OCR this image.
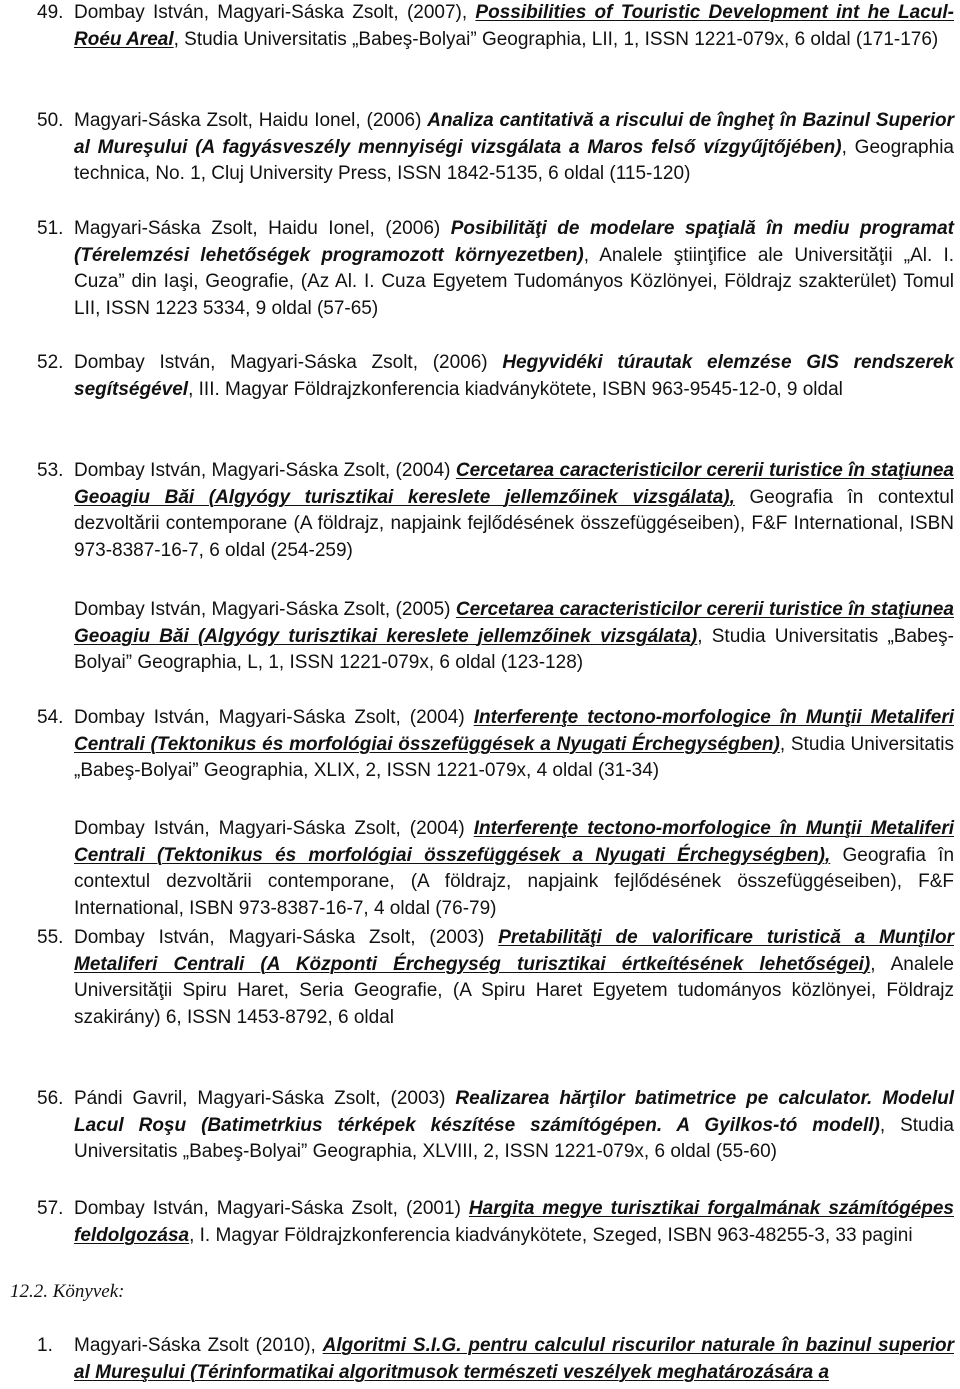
49. Dombay István, Magyari-Sáska Zsolt, (2007), Possibilities of Touristic Development int he Lacul-Roéu Areal, Studia Universitatis „Babeş-Bolyai” Geographia, LII, 1, ISSN 1221-079x, 6 oldal (171-176)
50. Magyari-Sáska Zsolt, Haidu Ionel, (2006) Analiza cantitativă a riscului de îngheţ în Bazinul Superior al Mureşului (A fagyásveszély mennyiségi vizsgálata a Maros felső vízgyűjtőjében), Geographia technica, No. 1, Cluj University Press, ISSN 1842-5135, 6 oldal (115-120)
51. Magyari-Sáska Zsolt, Haidu Ionel, (2006) Posibilităţi de modelare spaţială în mediu programat (Térelemzési lehetőségek programozott környezetben), Analele ştiinţifice ale Universităţii „Al. I. Cuza” din Iaşi, Geografie, (Az Al. I. Cuza Egyetem Tudományos Közlönyei, Földrajz szakterület) Tomul LII, ISSN 1223 5334, 9 oldal (57-65)
52. Dombay István, Magyari-Sáska Zsolt, (2006) Hegyvidéki túrautak elemzése GIS rendszerek segítségével, III. Magyar Földrajzkonferencia kiadványkötete, ISBN 963-9545-12-0, 9 oldal
53. Dombay István, Magyari-Sáska Zsolt, (2004) Cercetarea caracteristicilor cererii turistice în staţiunea Geoagiu Băi (Algyógy turisztikai kereslete jellemzőinek vizsgálata), Geografia în contextul dezvoltării contemporane (A földrajz, napjaink fejlődésének összefüggéseiben), F&F International, ISBN 973-8387-16-7, 6 oldal (254-259)
Dombay István, Magyari-Sáska Zsolt, (2005) Cercetarea caracteristicilor cererii turistice în staţiunea Geoagiu Băi (Algyógy turisztikai kereslete jellemzőinek vizsgálata), Studia Universitatis „Babeş-Bolyai” Geographia, L, 1, ISSN 1221-079x, 6 oldal (123-128)
54. Dombay István, Magyari-Sáska Zsolt, (2004) Interferenţe tectono-morfologice în Munţii Metaliferi Centrali (Tektonikus és morfológiai összefüggések a Nyugati Érchegységben), Studia Universitatis „Babeş-Bolyai” Geographia, XLIX, 2, ISSN 1221-079x, 4 oldal (31-34)
Dombay István, Magyari-Sáska Zsolt, (2004) Interferenţe tectono-morfologice în Munţii Metaliferi Centrali (Tektonikus és morfológiai összefüggések a Nyugati Érchegységben), Geografia în contextul dezvoltării contemporane, (A földrajz, napjaink fejlődésének összefüggéseiben), F&F International, ISBN 973-8387-16-7, 4 oldal (76-79)
55. Dombay István, Magyari-Sáska Zsolt, (2003) Pretabilităţi de valorificare turistică a Munţilor Metaliferi Centrali (A Központi Érchegység turisztikai értkeítésének lehetőségei), Analele Universităţii Spiru Haret, Seria Geografie, (A Spiru Haret Egyetem tudományos közlönyei, Földrajz szakirány) 6, ISSN 1453-8792, 6 oldal
56. Pándi Gavril, Magyari-Sáska Zsolt, (2003) Realizarea hărţilor batimetrice pe calculator. Modelul Lacul Roşu (Batimetrkius térképek készítése számítógépen. A Gyilkos-tó modell), Studia Universitatis „Babeş-Bolyai” Geographia, XLVIII, 2, ISSN 1221-079x, 6 oldal (55-60)
57. Dombay István, Magyari-Sáska Zsolt, (2001) Hargita megye turisztikai forgalmának számítógépes feldolgozása, I. Magyar Földrajzkonferencia kiadványkötete, Szeged, ISBN 963-48255-3, 33 pagini
12.2. Könyvek:
1. Magyari-Sáska Zsolt (2010), Algoritmi S.I.G. pentru calculul riscurilor naturale în bazinul superior al Mureşului (Térinformatikai algoritmusok természeti veszélyek meghatározására a
